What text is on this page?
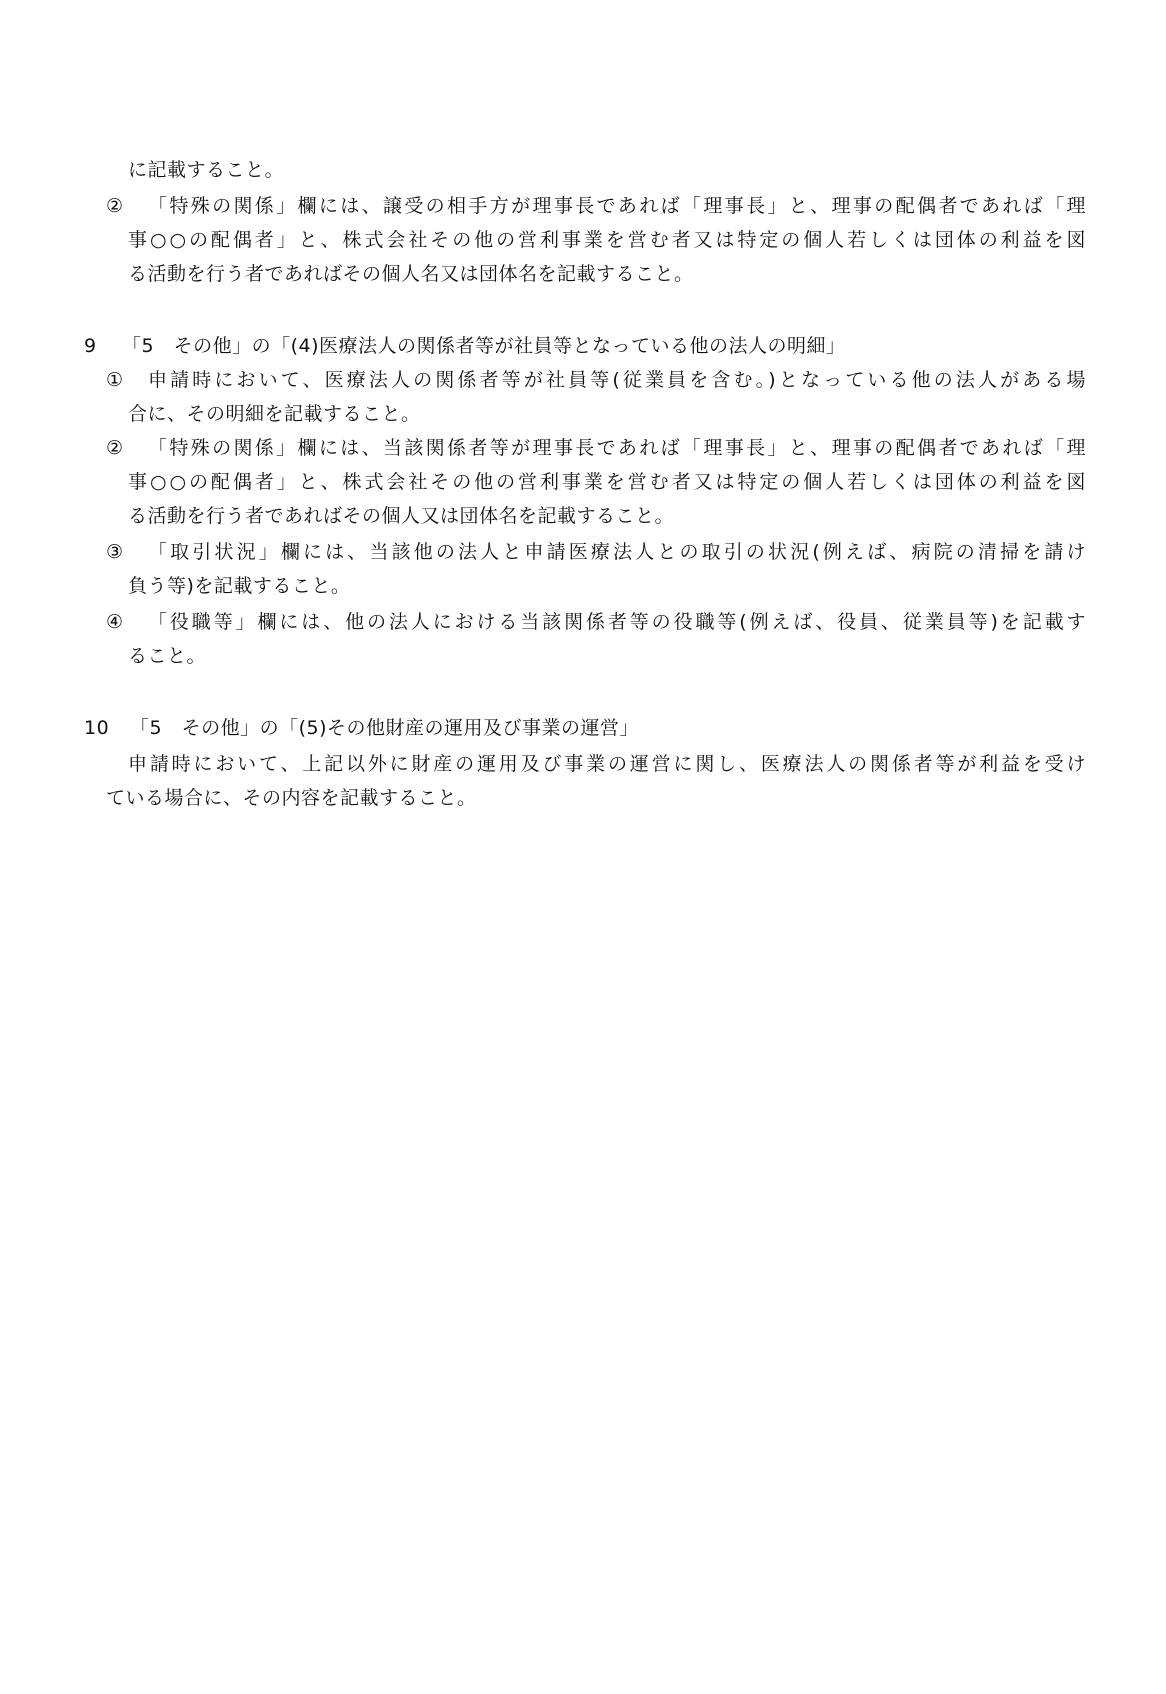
に記載すること。
② 「特殊の関係」欄には、譲受の相手方が理事長であれば「理事長」と、理事の配偶者であれば「理
事○○の配偶者」と、株式会社その他の営利事業を営む者又は特定の個人若しくは団体の利益を図
る活動を行う者であればその個人名又は団体名を記載すること。
9 「5　その他」の「(4)医療法人の関係者等が社員等となっている他の法人の明細」
① 申請時において、医療法人の関係者等が社員等(従業員を含む。)となっている他の法人がある場
合に、その明細を記載すること。
② 「特殊の関係」欄には、当該関係者等が理事長であれば「理事長」と、理事の配偶者であれば「理
事○○の配偶者」と、株式会社その他の営利事業を営む者又は特定の個人若しくは団体の利益を図
る活動を行う者であればその個人又は団体名を記載すること。
③ 「取引状況」欄には、当該他の法人と申請医療法人との取引の状況(例えば、病院の清掃を請け
負う等)を記載すること。
④ 「役職等」欄には、他の法人における当該関係者等の役職等(例えば、役員、従業員等)を記載す
ること。
10 「5　その他」の「(5)その他財産の運用及び事業の運営」
申請時において、上記以外に財産の運用及び事業の運営に関し、医療法人の関係者等が利益を受け
ている場合に、その内容を記載すること。
